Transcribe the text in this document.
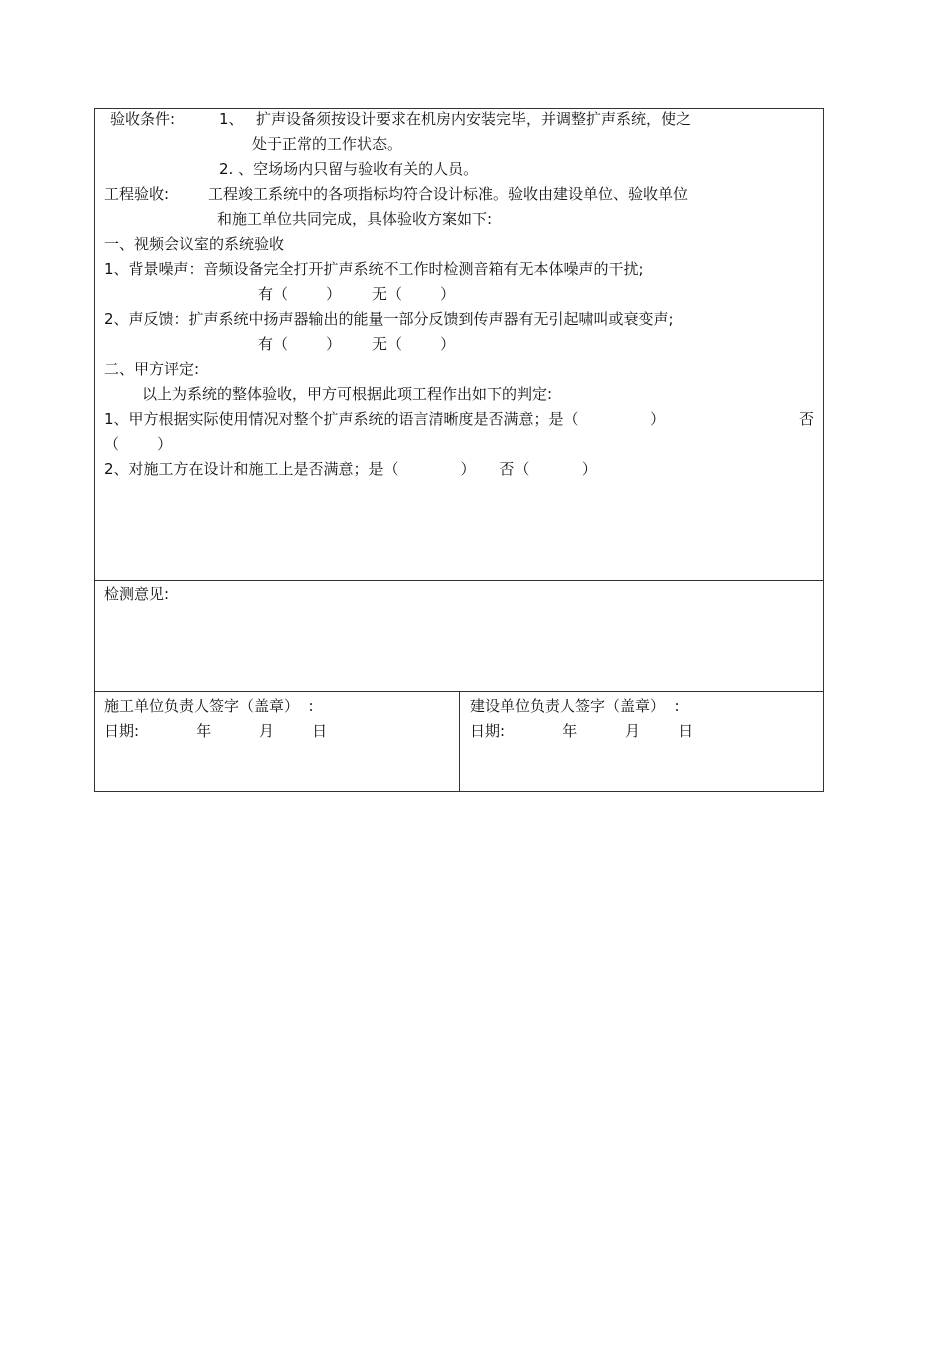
验收条件:	1、 扩声设备须按设计要求在机房内安装完毕，并调整扩声系统，使之
处于正常的工作状态。
2. 、空场场内只留与验收有关的人员。
工程验收:	工程竣工系统中的各项指标均符合设计标准。验收由建设单位、验收单位
和施工单位共同完成，具体验收方案如下:
一、视频会议室的系统验收
1、背景噪声：音频设备完全打开扩声系统不工作时检测音箱有无本体噪声的干扰;
有（        ） 无（        ）
2、声反馈：扩声系统中扬声器输出的能量一部分反馈到传声器有无引起啸叫或衰变声;
有（        ） 无（        ）
二、甲方评定:
以上为系统的整体验收，甲方可根据此项工程作出如下的判定:
1、甲方根据实际使用情况对整个扩声系统的语言清晰度是否满意；是（               ）	否
（        ）
2、对施工方在设计和施工上是否满意；是（             ）     否（           ）
检测意见:
施工单位负责人签字（盖章）  :
日期:            年          月        日
建设单位负责人签字（盖章）  :
日期:            年          月        日
